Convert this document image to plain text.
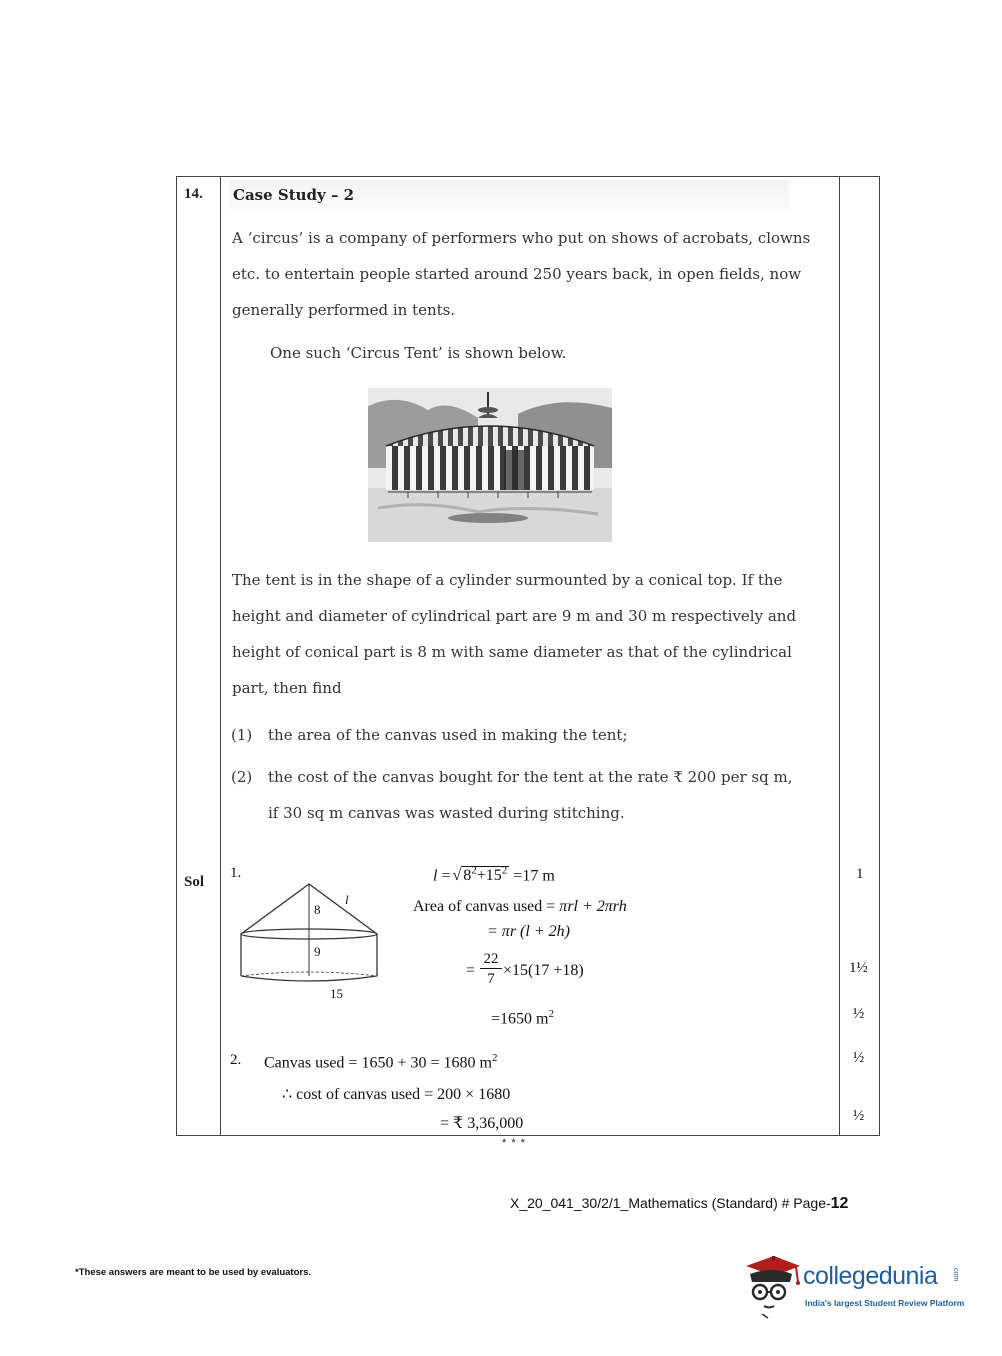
14. Case Study – 2
A ‘circus’ is a company of performers who put on shows of acrobats, clowns
etc. to entertain people started around 250 years back, in open fields, now
generally performed in tents.
One such ‘Circus Tent’ is shown below.
The tent is in the shape of a cylinder surmounted by a conical top. If the
height and diameter of cylindrical part are 9 m and 30 m respectively and
height of conical part is 8 m with same diameter as that of the cylindrical
part, then find
(1) the area of the canvas used in making the tent;
(2) the cost of the canvas bought for the tent at the rate ₹ 200 per sq m,
if 30 sq m canvas was wasted during stitching.
Sol
1.
8
l
9
15
l = √ $8^2+15^2 =17$ m
Area of canvas used = πrl + 2πrh
= πr (l + 2h)
=
22
7 ×15(17 +18)
=1650 $m^2$
2. Canvas used = 1650 + 30 = 1680 $m^2$
∴ cost of canvas used = 200 × 1680
= ₹ 3,36,000
1
1½
½
½
½
* * *
X_20_041_30/2/1_Mathematics (Standard) # Page-12
*These answers are meant to be used by evaluators.	collegedunia .com
India's largest Student Review Platform
